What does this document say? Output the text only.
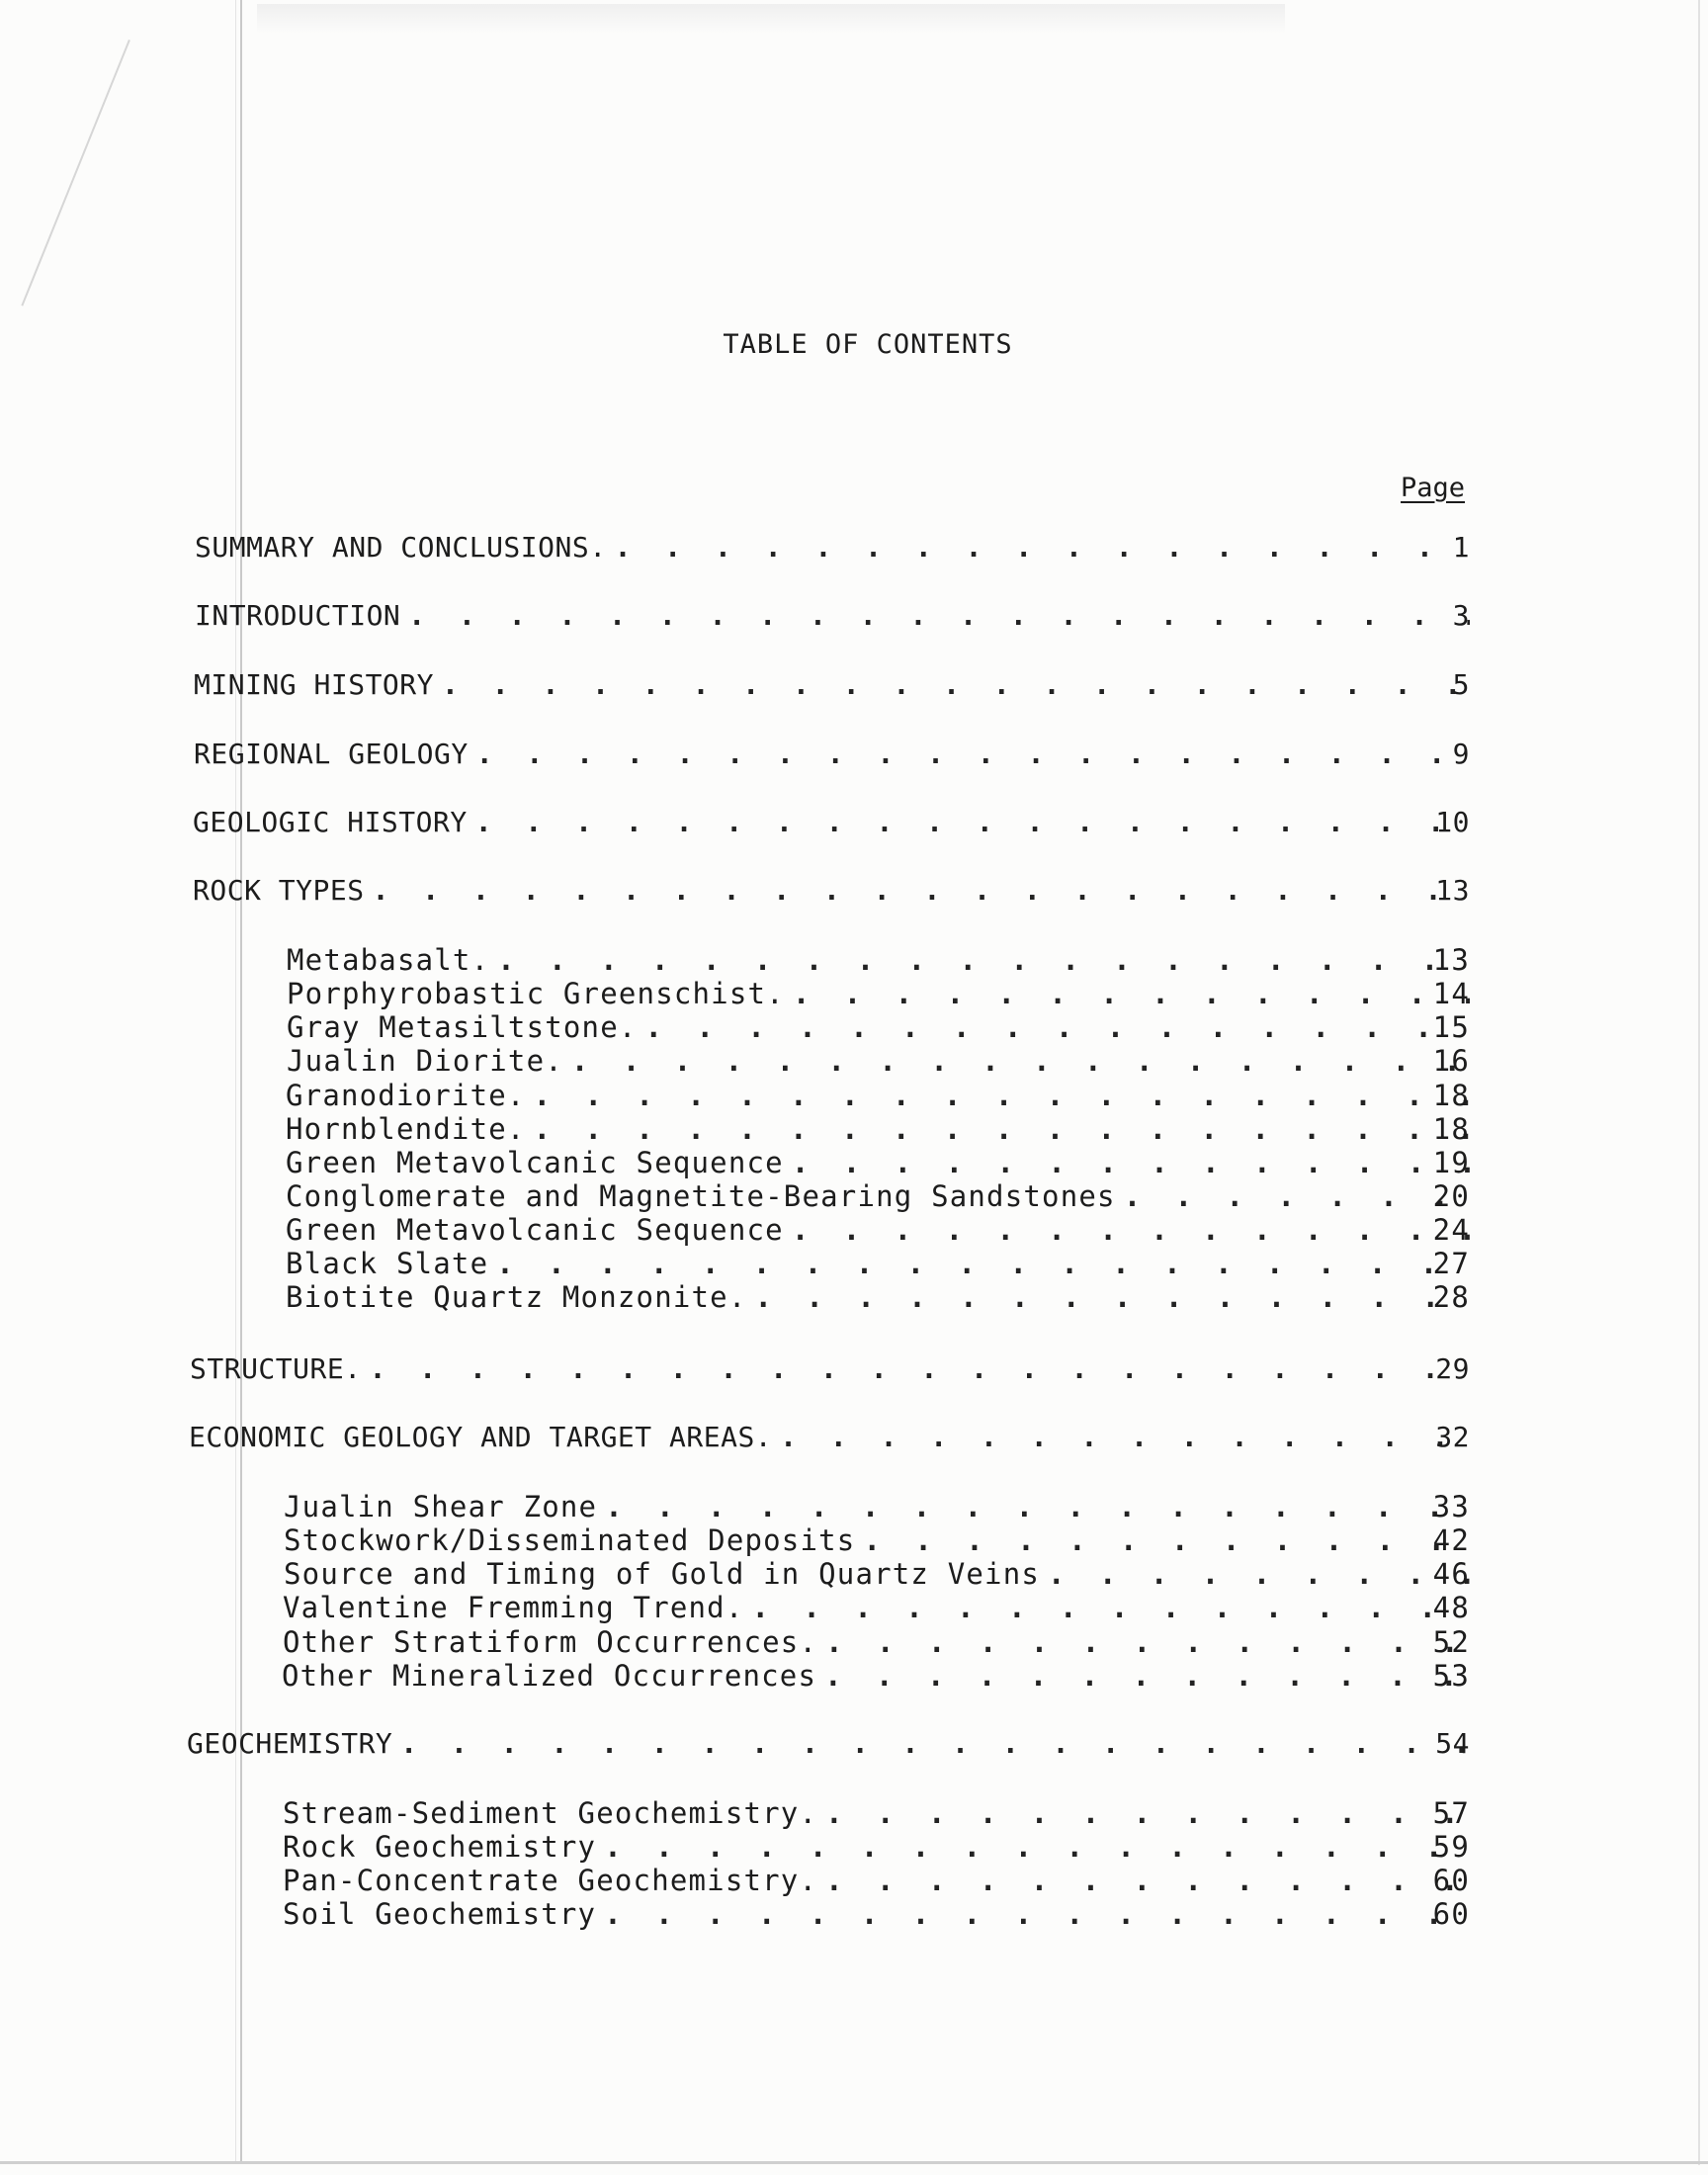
TABLE OF CONTENTS
Page
SUMMARY AND CONCLUSIONS. . . .	1
INTRODUCTION . . .	3
MINING HISTORY . . .	5
REGIONAL GEOLOGY . . .	9
GEOLOGIC HISTORY . . .	10
ROCK TYPES . . .	13
Metabasalt. . . .	13
Porphyrobastic Greenschist. . . .	14
Gray Metasiltstone. . . .	15
Jualin Diorite. . . .	16
Granodiorite. . . .	18
Hornblendite. . . .	18
Green Metavolcanic Sequence . . .	19
Conglomerate and Magnetite-Bearing Sandstones . . .	20
Green Metavolcanic Sequence . . .	24
Black Slate . . .	27
Biotite Quartz Monzonite. . . .	28
STRUCTURE. . . .	29
ECONOMIC GEOLOGY AND TARGET AREAS. . . .	32
Jualin Shear Zone . . .	33
Stockwork/Disseminated Deposits . . .	42
Source and Timing of Gold in Quartz Veins . . .	46
Valentine Fremming Trend. . . .	48
Other Stratiform Occurrences. . . .	52
Other Mineralized Occurrences . . .	53
GEOCHEMISTRY . . .	54
Stream-Sediment Geochemistry. . . .	57
Rock Geochemistry . . .	59
Pan-Concentrate Geochemistry. . . .	60
Soil Geochemistry . . .	60
